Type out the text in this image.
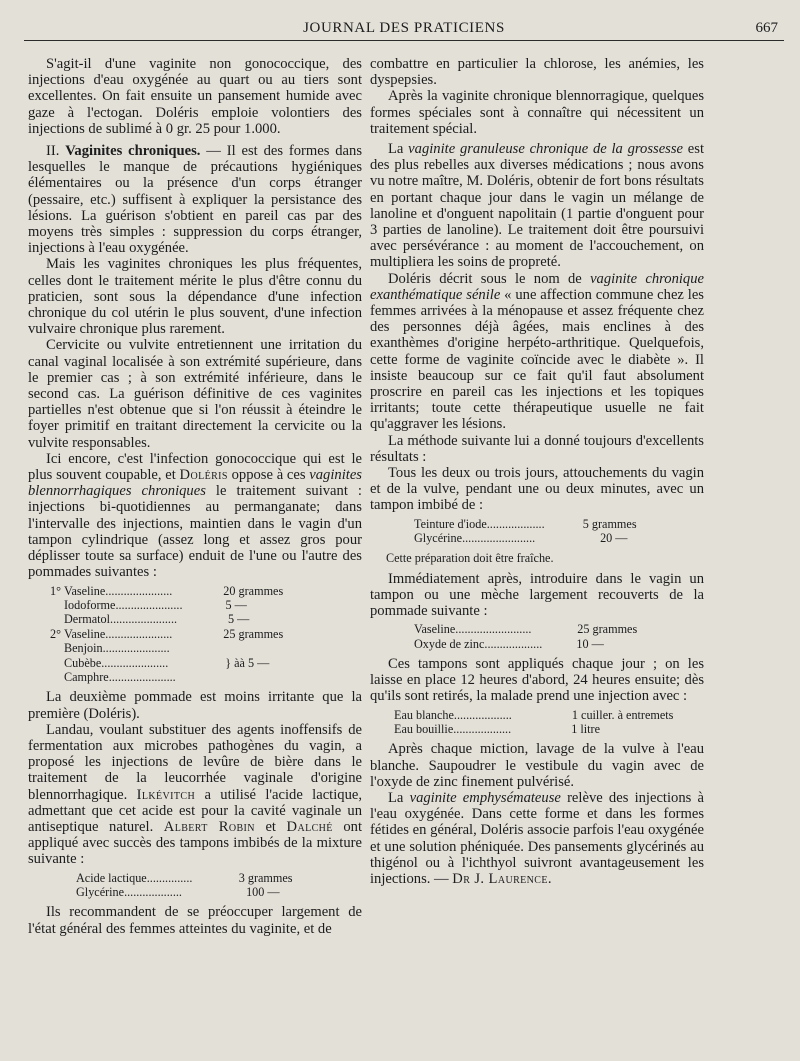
JOURNAL DES PRATICIENS	667

S'agit-il d'une vaginite non gonococcique, des injections d'eau oxygénée au quart ou au tiers sont excellentes. On fait ensuite un pansement humide avec gaze à l'ectogan. Doléris emploie volontiers des injections de sublimé à 0 gr. 25 pour 1.000.

II. Vaginites chroniques. — Il est des formes dans lesquelles le manque de précautions hygiéniques élémentaires ou la présence d'un corps étranger (pessaire, etc.) suffisent à expliquer la persistance des lésions. La guérison s'obtient en pareil cas par des moyens très simples : suppression du corps étranger, injections à l'eau oxygénée.

Mais les vaginites chroniques les plus fréquentes, celles dont le traitement mérite le plus d'être connu du praticien, sont sous la dépendance d'une infection chronique du col utérin le plus souvent, d'une infection vulvaire chronique plus rarement.

Cervicite ou vulvite entretiennent une irritation du canal vaginal localisée à son extrémité supérieure, dans le premier cas ; à son extrémité inférieure, dans le second cas. La guérison définitive de ces vaginites partielles n'est obtenue que si l'on réussit à éteindre le foyer primitif en traitant directement la cervicite ou la vulvite responsables.

Ici encore, c'est l'infection gonococcique qui est le plus souvent coupable, et Doléris oppose à ces vaginites blennorrhagiques chroniques le traitement suivant : injections bi-quotidiennes au permanganate; dans l'intervalle des injections, maintien dans le vagin d'un tampon cylindrique (assez long et assez gros pour déplisser toute sa surface) enduit de l'une ou l'autre des pommades suivantes :

1° Vaseline ......................	20 grammes
Iodoforme ......................	5 —
Dermatol ......................	5 —
2° Vaseline ......................	25 grammes
Benjoin ......................
Cubèbe ......................	} àà 5 —
Camphre ......................

La deuxième pommade est moins irritante que la première (Doléris).

Landau, voulant substituer des agents inoffensifs de fermentation aux microbes pathogènes du vagin, a proposé les injections de levûre de bière dans le traitement de la leucorrhée vaginale d'origine blennorrhagique. Ilkévitch a utilisé l'acide lactique, admettant que cet acide est pour la cavité vaginale un antiseptique naturel. Albert Robin et Dalché ont appliqué avec succès des tampons imbibés de la mixture suivante :

Acide lactique ...............	3 grammes
Glycérine ...................	100 —

Ils recommandent de se préoccuper largement de l'état général des femmes atteintes du vaginite, et de

combattre en particulier la chlorose, les anémies, les dyspepsies.

Après la vaginite chronique blennorragique, quelques formes spéciales sont à connaître qui nécessitent un traitement spécial.

La vaginite granuleuse chronique de la grossesse est des plus rebelles aux diverses médications ; nous avons vu notre maître, M. Doléris, obtenir de fort bons résultats en portant chaque jour dans le vagin un mélange de lanoline et d'onguent napolitain (1 partie d'onguent pour 3 parties de lanoline). Le traitement doit être poursuivi avec persévérance : au moment de l'accouchement, on multipliera les soins de propreté.

Doléris décrit sous le nom de vaginite chronique exanthématique sénile « une affection commune chez les femmes arrivées à la ménopause et assez fréquente chez des personnes déjà âgées, mais enclines à des exanthèmes d'origine herpéto-arthritique. Quelquefois, cette forme de vaginite coïncide avec le diabète ». Il insiste beaucoup sur ce fait qu'il faut absolument proscrire en pareil cas les injections et les topiques irritants; toute cette thérapeutique usuelle ne fait qu'aggraver les lésions.

La méthode suivante lui a donné toujours d'excellents résultats :

Tous les deux ou trois jours, attouchements du vagin et de la vulve, pendant une ou deux minutes, avec un tampon imbibé de :

Teinture d'iode ...................	5 grammes
Glycérine ........................	20 —
Cette préparation doit être fraîche.

Immédiatement après, introduire dans le vagin un tampon ou une mèche largement recouverts de la pommade suivante :

Vaseline .........................	25 grammes
Oxyde de zinc ...................	10 —

Ces tampons sont appliqués chaque jour ; on les laisse en place 12 heures d'abord, 24 heures ensuite; dès qu'ils sont retirés, la malade prend une injection avec :

Eau blanche ...................	1 cuiller. à entremets
Eau bouillie ...................	1 litre

Après chaque miction, lavage de la vulve à l'eau blanche. Saupoudrer le vestibule du vagin avec de l'oxyde de zinc finement pulvérisé.

La vaginite emphysémateuse relève des injections à l'eau oxygénée. Dans cette forme et dans les formes fétides en général, Doléris associe parfois l'eau oxygénée et une solution phéniquée. Des pansements glycérinés au thigénol ou à l'ichthyol suivront avantageusement les injections. — Dr J. Laurence.
